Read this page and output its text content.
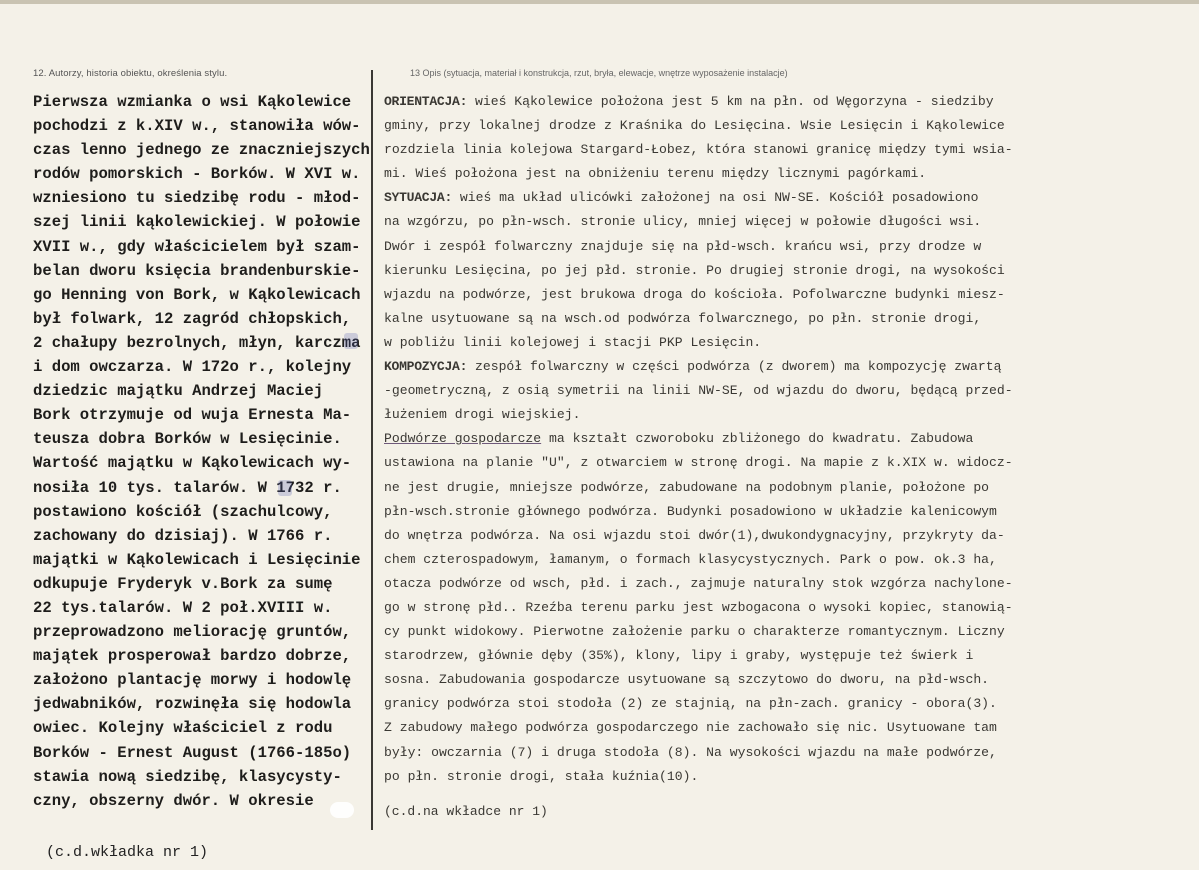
12. Autorzy, historia obiektu, określenia stylu.	13 Opis (sytuacja, materiał i konstrukcja, rzut, bryła, elewacje, wnętrze wyposażenie instalacje)
Pierwsza wzmianka o wsi Kąkolewice
pochodzi z k.XIV w., stanowiła wów-
czas lenno jednego ze znaczniejszych
rodów pomorskich - Borków. W XVI w.
wzniesiono tu siedzibę rodu - młod-
szej linii kąkolewickiej. W połowie
XVII w., gdy właścicielem był szam-
belan dworu księcia brandenburskie-
go Henning von Bork, w Kąkolewicach
był folwark, 12 zagród chłopskich,
2 chałupy bezrolnych, młyn, karczma
i dom owczarza. W 172o r., kolejny
dziedzic majątku Andrzej Maciej
Bork otrzymuje od wuja Ernesta Ma-
teusza dobra Borków w Lesięcinie.
Wartość majątku w Kąkolewicach wy-
nosiła 10 tys. talarów. W 1732 r.
postawiono kościół (szachulcowy,
zachowany do dzisiaj). W 1766 r.
majątki w Kąkolewicach i Lesięcinie
odkupuje Fryderyk v.Bork za sumę
22 tys.talarów. W 2 poł.XVIII w.
przeprowadzono meliorację gruntów,
majątek prosperował bardzo dobrze,
założono plantację morwy i hodowlę
jedwabników, rozwinęła się hodowla
owiec. Kolejny właściciel z rodu
Borków - Ernest August (1766-185o)
stawia nową siedzibę, klasycysty-
czny, obszerny dwór. W okresie
ORIENTACJA: wieś Kąkolewice położona jest 5 km na płn. od Węgorzyna - siedziby
gminy, przy lokalnej drodze z Kraśnika do Lesięcina. Wsie Lesięcin i Kąkolewice
rozdziela linia kolejowa Stargard-Łobez, która stanowi granicę między tymi wsia-
mi. Wieś położona jest na obniżeniu terenu między licznymi pagórkami.
SYTUACJA: wieś ma układ ulicówki założonej na osi NW-SE. Kościół posadowiono
na wzgórzu, po płn-wsch. stronie ulicy, mniej więcej w połowie długości wsi.
Dwór i zespół folwarczny znajduje się na płd-wsch. krańcu wsi, przy drodze w
kierunku Lesięcina, po jej płd. stronie. Po drugiej stronie drogi, na wysokości
wjazdu na podwórze, jest brukowa droga do kościoła. Pofolwarczne budynki miesz-
kalne usytuowane są na wsch.od podwórza folwarcznego, po płn. stronie drogi,
w pobliżu linii kolejowej i stacji PKP Lesięcin.
KOMPOZYCJA: zespół folwarczny w części podwórza (z dworem) ma kompozycję zwartą
-geometryczną, z osią symetrii na linii NW-SE, od wjazdu do dworu, będącą przed-
łużeniem drogi wiejskiej.
Podwórze gospodarcze ma kształt czworoboku zbliżonego do kwadratu. Zabudowa
ustawiona na planie "U", z otwarciem w stronę drogi. Na mapie z k.XIX w. widocz-
ne jest drugie, mniejsze podwórze, zabudowane na podobnym planie, położone po
płn-wsch.stronie głównego podwórza. Budynki posadowiono w układzie kalenicowym
do wnętrza podwórza. Na osi wjazdu stoi dwór(1),dwukondygnacyjny, przykryty da-
chem czterospadowym, łamanym, o formach klasycystycznych. Park o pow. ok.3 ha,
otacza podwórze od wsch, płd. i zach., zajmuje naturalny stok wzgórza nachylone-
go w stronę płd.. Rzeźba terenu parku jest wzbogacona o wysoki kopiec, stanowią-
cy punkt widokowy. Pierwotne założenie parku o charakterze romantycznym. Liczny
starodrzew, głównie dęby (35%), klony, lipy i graby, występuje też świerk i
sosna. Zabudowania gospodarcze usytuowane są szczytowo do dworu, na płd-wsch.
granicy podwórza stoi stodoła (2) ze stajnią, na płn-zach. granicy - obora(3).
Z zabudowy małego podwórza gospodarczego nie zachowało się nic. Usytuowane tam
były: owczarnia (7) i druga stodoła (8). Na wysokości wjazdu na małe podwórze,
po płn. stronie drogi, stała kuźnia(10).
(c.d.wkładka nr 1)
(c.d.na wkładce nr 1)
